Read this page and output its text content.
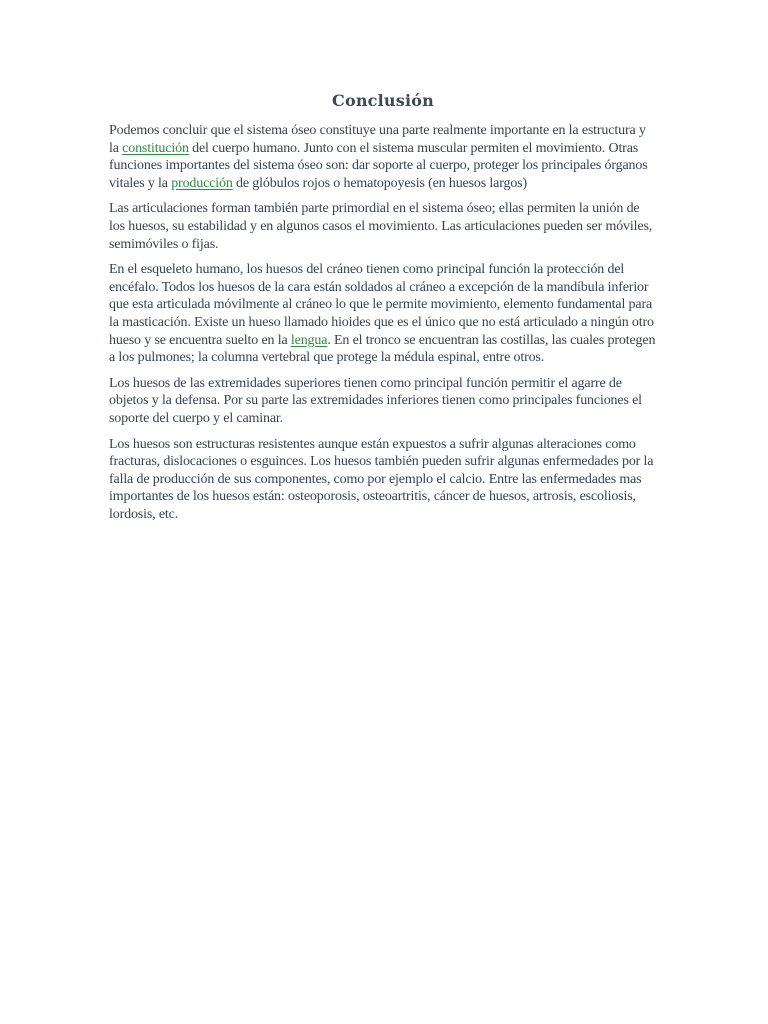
Conclusión

Podemos concluir que el sistema óseo constituye una parte realmente importante en la estructura y la constitución del cuerpo humano. Junto con el sistema muscular permiten el movimiento. Otras funciones importantes del sistema óseo son: dar soporte al cuerpo, proteger los principales órganos vitales y la producción de glóbulos rojos o hematopoyesis (en huesos largos)

Las articulaciones forman también parte primordial en el sistema óseo; ellas permiten la unión de los huesos, su estabilidad y en algunos casos el movimiento. Las articulaciones pueden ser móviles, semimóviles o fijas.

En el esqueleto humano, los huesos del cráneo tienen como principal función la protección del encéfalo. Todos los huesos de la cara están soldados al cráneo a excepción de la mandíbula inferior que esta articulada móvilmente al cráneo lo que le permite movimiento, elemento fundamental para la masticación. Existe un hueso llamado hioides que es el único que no está articulado a ningún otro hueso y se encuentra suelto en la lengua. En el tronco se encuentran las costillas, las cuales protegen a los pulmones; la columna vertebral que protege la médula espinal, entre otros.

Los huesos de las extremidades superiores tienen como principal función permitir el agarre de objetos y la defensa. Por su parte las extremidades inferiores tienen como principales funciones el soporte del cuerpo y el caminar.

Los huesos son estructuras resistentes aunque están expuestos a sufrir algunas alteraciones como fracturas, dislocaciones o esguinces. Los huesos también pueden sufrir algunas enfermedades por la falla de producción de sus componentes, como por ejemplo el calcio. Entre las enfermedades mas importantes de los huesos están: osteoporosis, osteoartritis, cáncer de huesos, artrosis, escoliosis, lordosis, etc.
